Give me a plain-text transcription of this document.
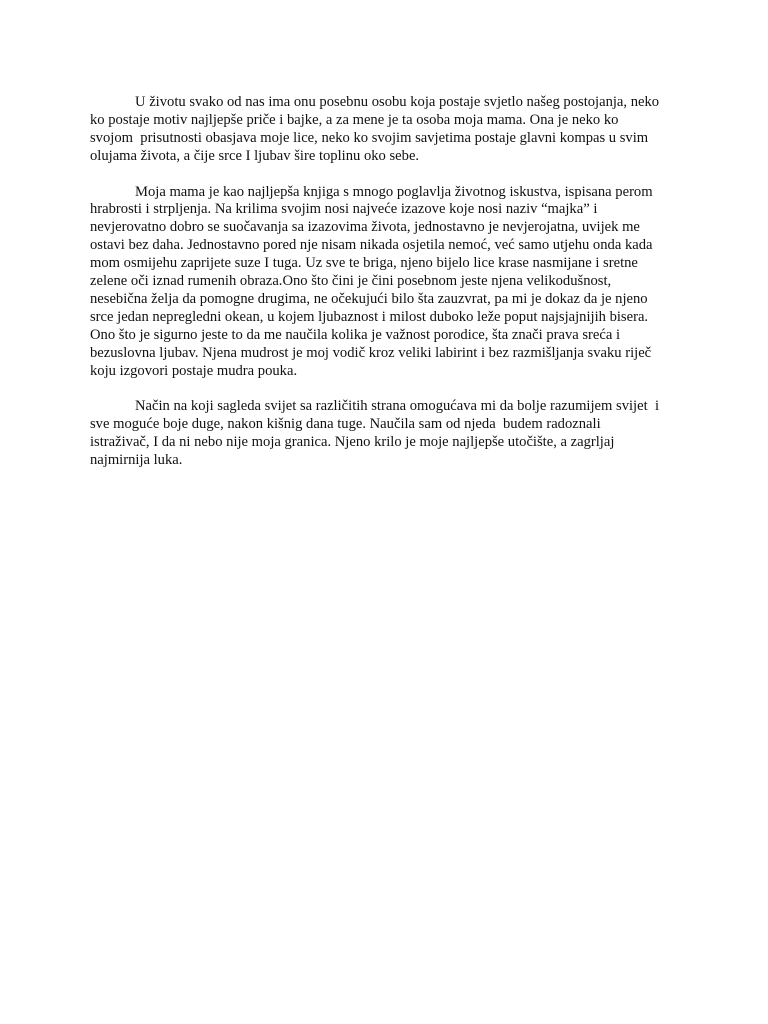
U životu svako od nas ima onu posebnu osobu koja postaje svjetlo našeg postojanja, neko
ko postaje motiv najljepše priče i bajke, a za mene je ta osoba moja mama. Ona je neko ko
svojom  prisutnosti obasjava moje lice, neko ko svojim savjetima postaje glavni kompas u svim
olujama života, a čije srce I ljubav šire toplinu oko sebe.
Moja mama je kao najljepša knjiga s mnogo poglavlja životnog iskustva, ispisana perom
hrabrosti i strpljenja. Na krilima svojim nosi najveće izazove koje nosi naziv “majka” i
nevjerovatno dobro se suočavanja sa izazovima života, jednostavno je nevjerojatna, uvijek me
ostavi bez daha. Jednostavno pored nje nisam nikada osjetila nemoć, već samo utjehu onda kada
mom osmijehu zaprijete suze I tuga. Uz sve te briga, njeno bijelo lice krase nasmijane i sretne
zelene oči iznad rumenih obraza.Ono što čini je čini posebnom jeste njena velikodušnost,
nesebična želja da pomogne drugima, ne očekujući bilo šta zauzvrat, pa mi je dokaz da je njeno
srce jedan nepregledni okean, u kojem ljubaznost i milost duboko leže poput najsjajnijih bisera.
Ono što je sigurno jeste to da me naučila kolika je važnost porodice, šta znači prava sreća i
bezuslovna ljubav. Njena mudrost je moj vodič kroz veliki labirint i bez razmišljanja svaku riječ
koju izgovori postaje mudra pouka.
Način na koji sagleda svijet sa različitih strana omogućava mi da bolje razumijem svijet  i
sve moguće boje duge, nakon kišnig dana tuge. Naučila sam od njeda  budem radoznali
istraživač, I da ni nebo nije moja granica. Njeno krilo je moje najljepše utočište, a zagrljaj
najmirnija luka.
